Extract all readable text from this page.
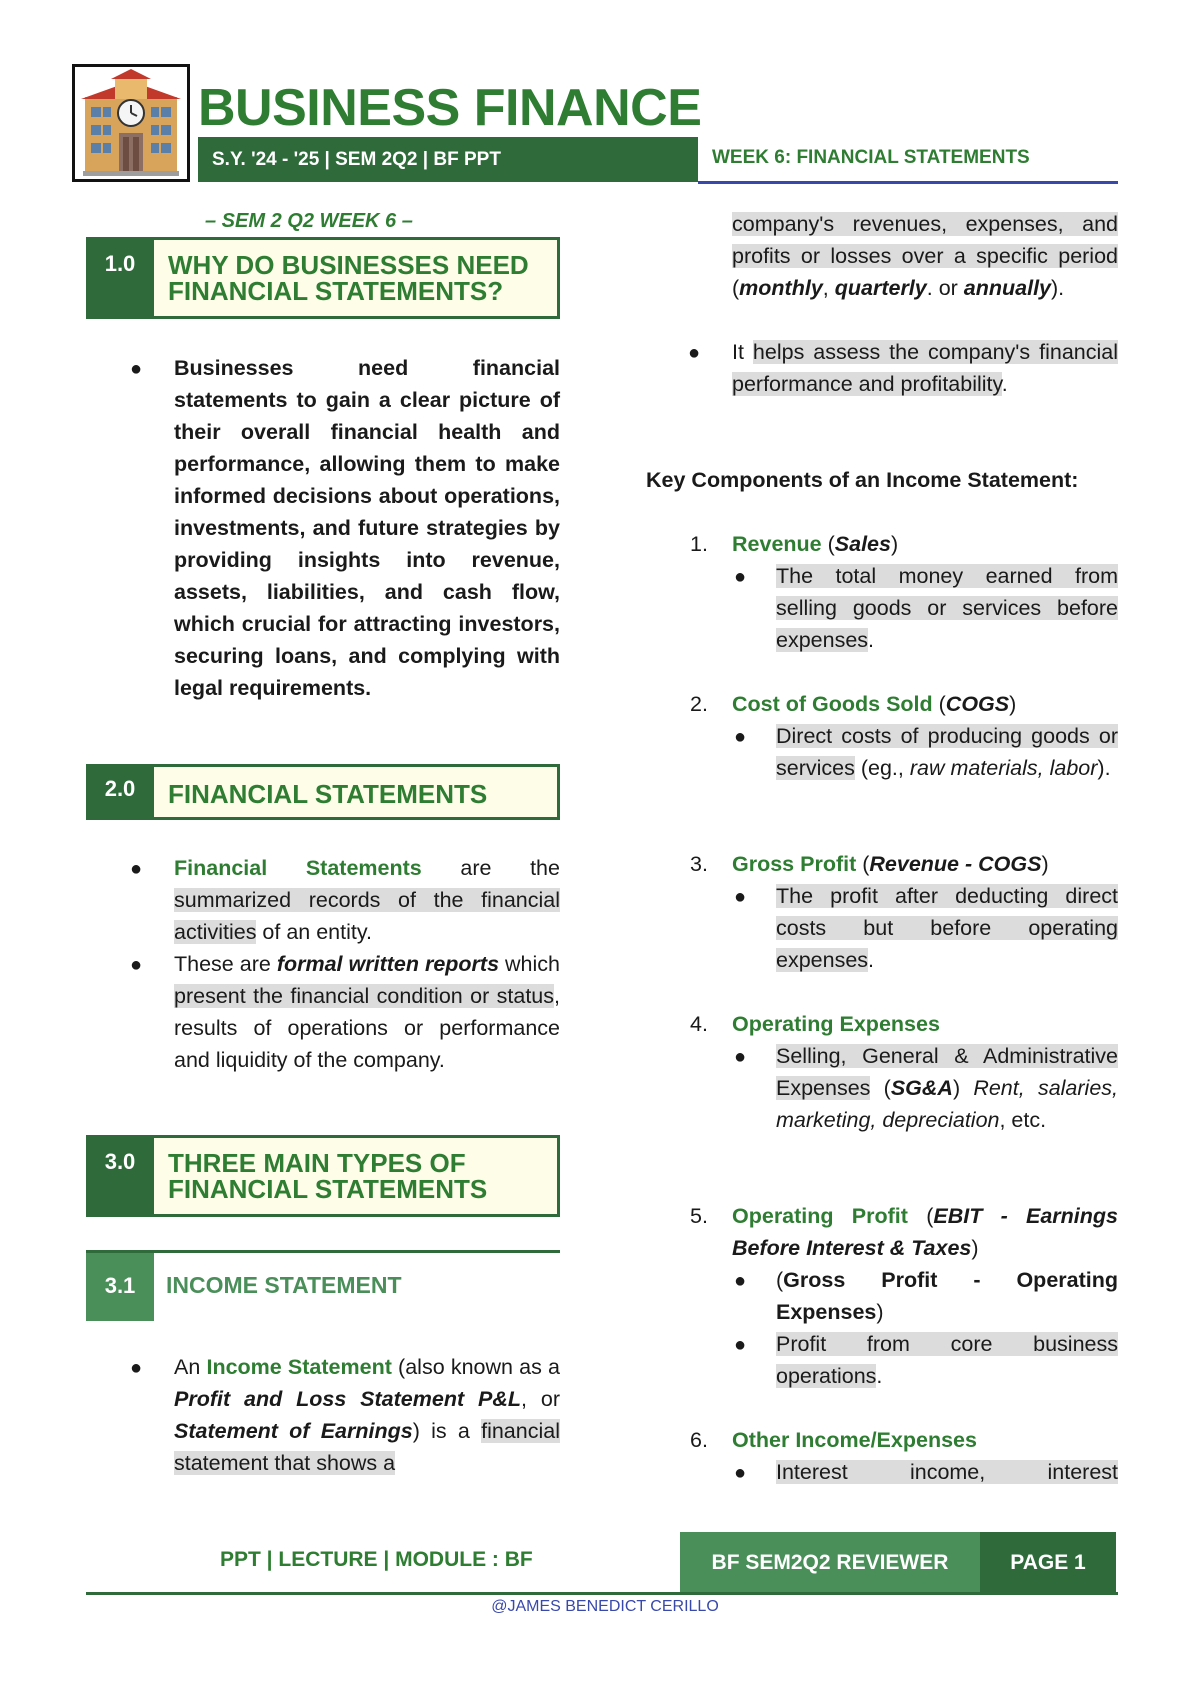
BUSINESS FINANCE
S.Y. '24 - '25 | SEM 2Q2 | BF PPT	WEEK 6: FINANCIAL STATEMENTS
– SEM 2 Q2 WEEK 6 –
1.0	WHY DO BUSINESSES NEED FINANCIAL STATEMENTS?
● Businesses need financial statements to gain a clear picture of their overall financial health and performance, allowing them to make informed decisions about operations, investments, and future strategies by providing insights into revenue, assets, liabilities, and cash flow, which crucial for attracting investors, securing loans, and complying with legal requirements.
2.0	FINANCIAL STATEMENTS
● Financial Statements are the summarized records of the financial activities of an entity.
● These are formal written reports which present the financial condition or status, results of operations or performance and liquidity of the company.
3.0	THREE MAIN TYPES OF FINANCIAL STATEMENTS
3.1	INCOME STATEMENT
● An Income Statement (also known as a Profit and Loss Statement P&L, or Statement of Earnings) is a financial statement that shows a
company's revenues, expenses, and profits or losses over a specific period (monthly, quarterly. or annually).
● It helps assess the company's financial performance and profitability.
Key Components of an Income Statement:
1. Revenue (Sales)
● The total money earned from selling goods or services before expenses.
2. Cost of Goods Sold (COGS)
● Direct costs of producing goods or services (eg., raw materials, labor).
3. Gross Profit (Revenue - COGS)
● The profit after deducting direct costs but before operating expenses.
4. Operating Expenses
● Selling, General & Administrative Expenses (SG&A) Rent, salaries, marketing, depreciation, etc.
5. Operating Profit (EBIT - Earnings Before Interest & Taxes)
● (Gross Profit - Operating Expenses)
● Profit from core business operations.
6. Other Income/Expenses
● Interest income, interest
PPT | LECTURE | MODULE : BF	BF SEM2Q2 REVIEWER	PAGE 1
@JAMES BENEDICT CERILLO
